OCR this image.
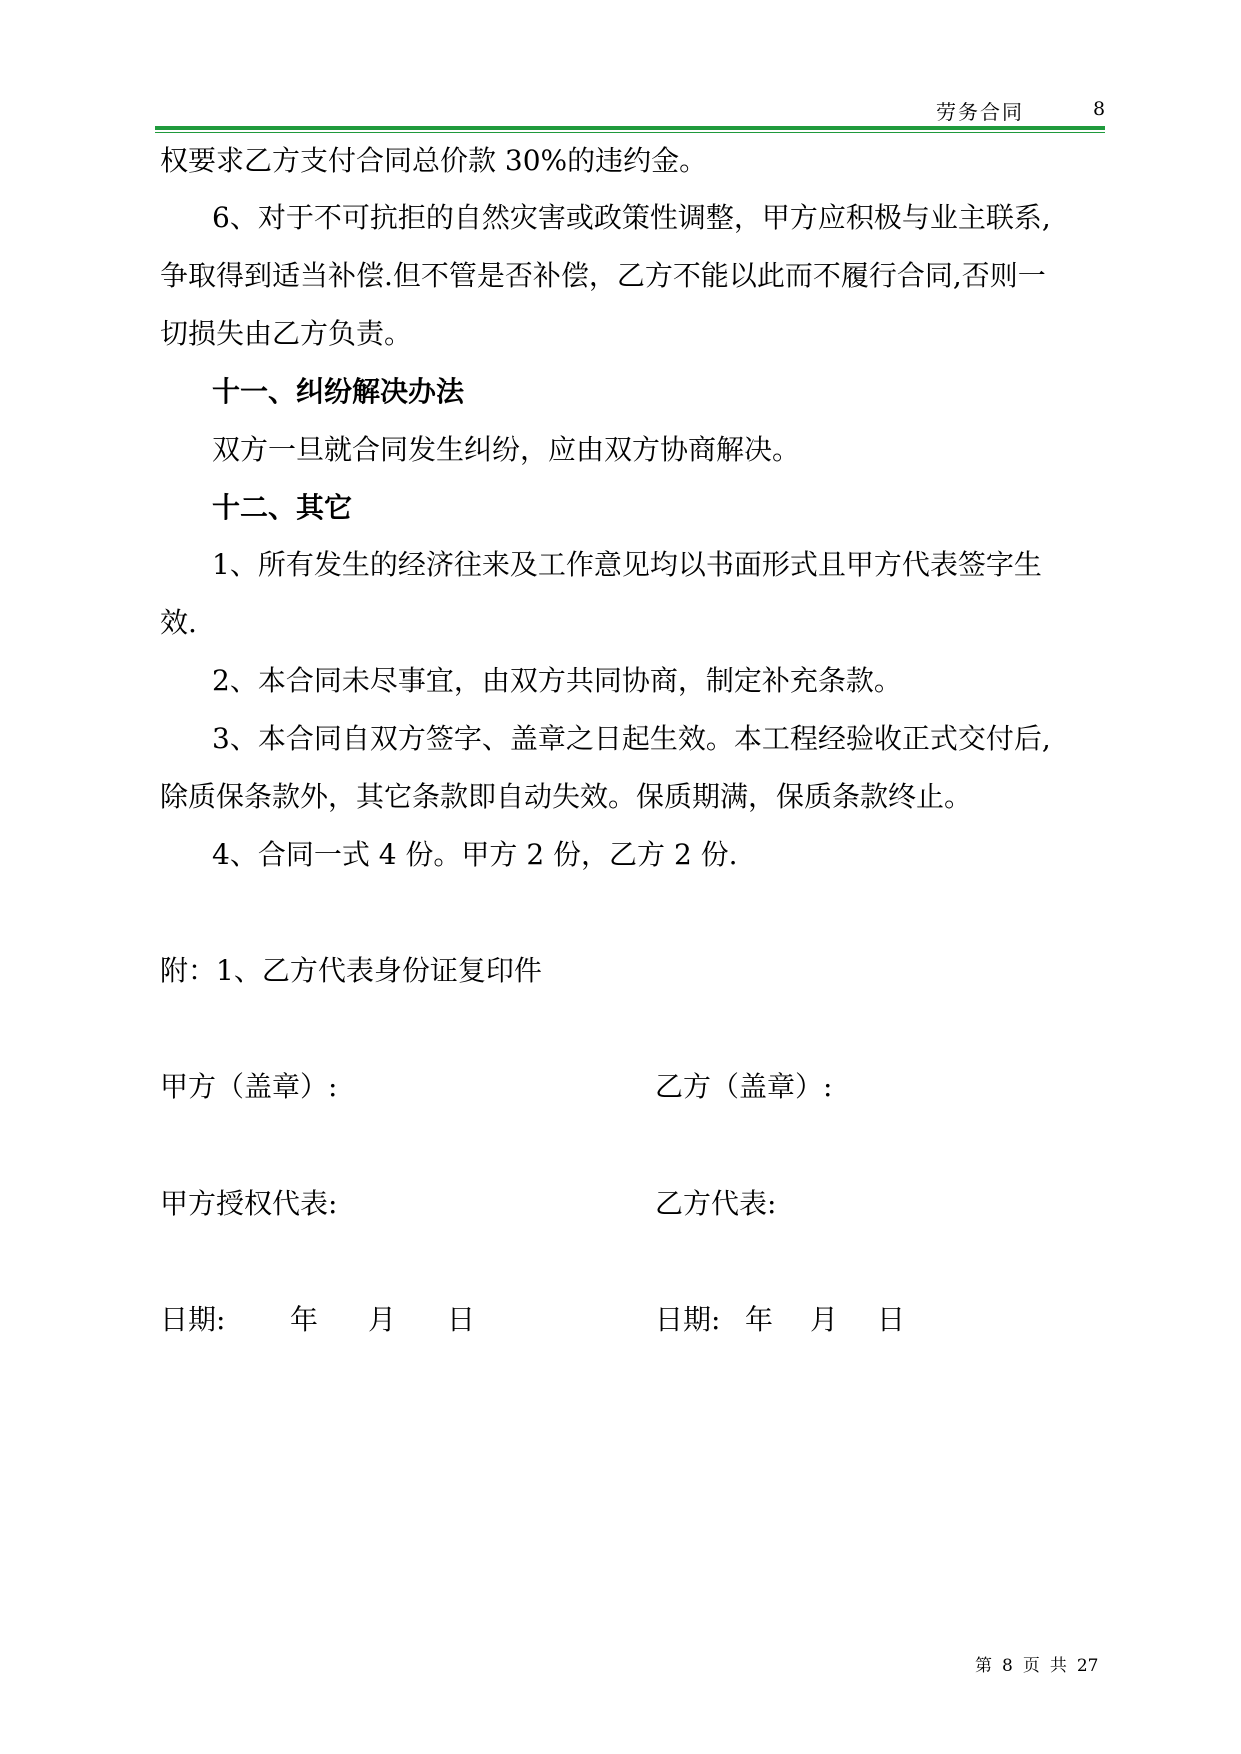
劳务合同	8
权要求乙方支付合同总价款 30%的违约金。
6、对于不可抗拒的自然灾害或政策性调整，甲方应积极与业主联系,
争取得到适当补偿.但不管是否补偿，乙方不能以此而不履行合同,否则一
切损失由乙方负责。
十一、纠纷解决办法
双方一旦就合同发生纠纷，应由双方协商解决。
十二、其它
1、所有发生的经济往来及工作意见均以书面形式且甲方代表签字生
效.
2、本合同未尽事宜，由双方共同协商，制定补充条款。
3、本合同自双方签字、盖章之日起生效。本工程经验收正式交付后,
除质保条款外，其它条款即自动失效。保质期满，保质条款终止。
4、合同一式 4 份。甲方 2 份，乙方 2 份.
附：1、乙方代表身份证复印件
甲方（盖章）:	乙方（盖章）:
甲方授权代表:	乙方代表:
日期: 年 月 日	日期: 年 月 日
第 8 页 共 27
